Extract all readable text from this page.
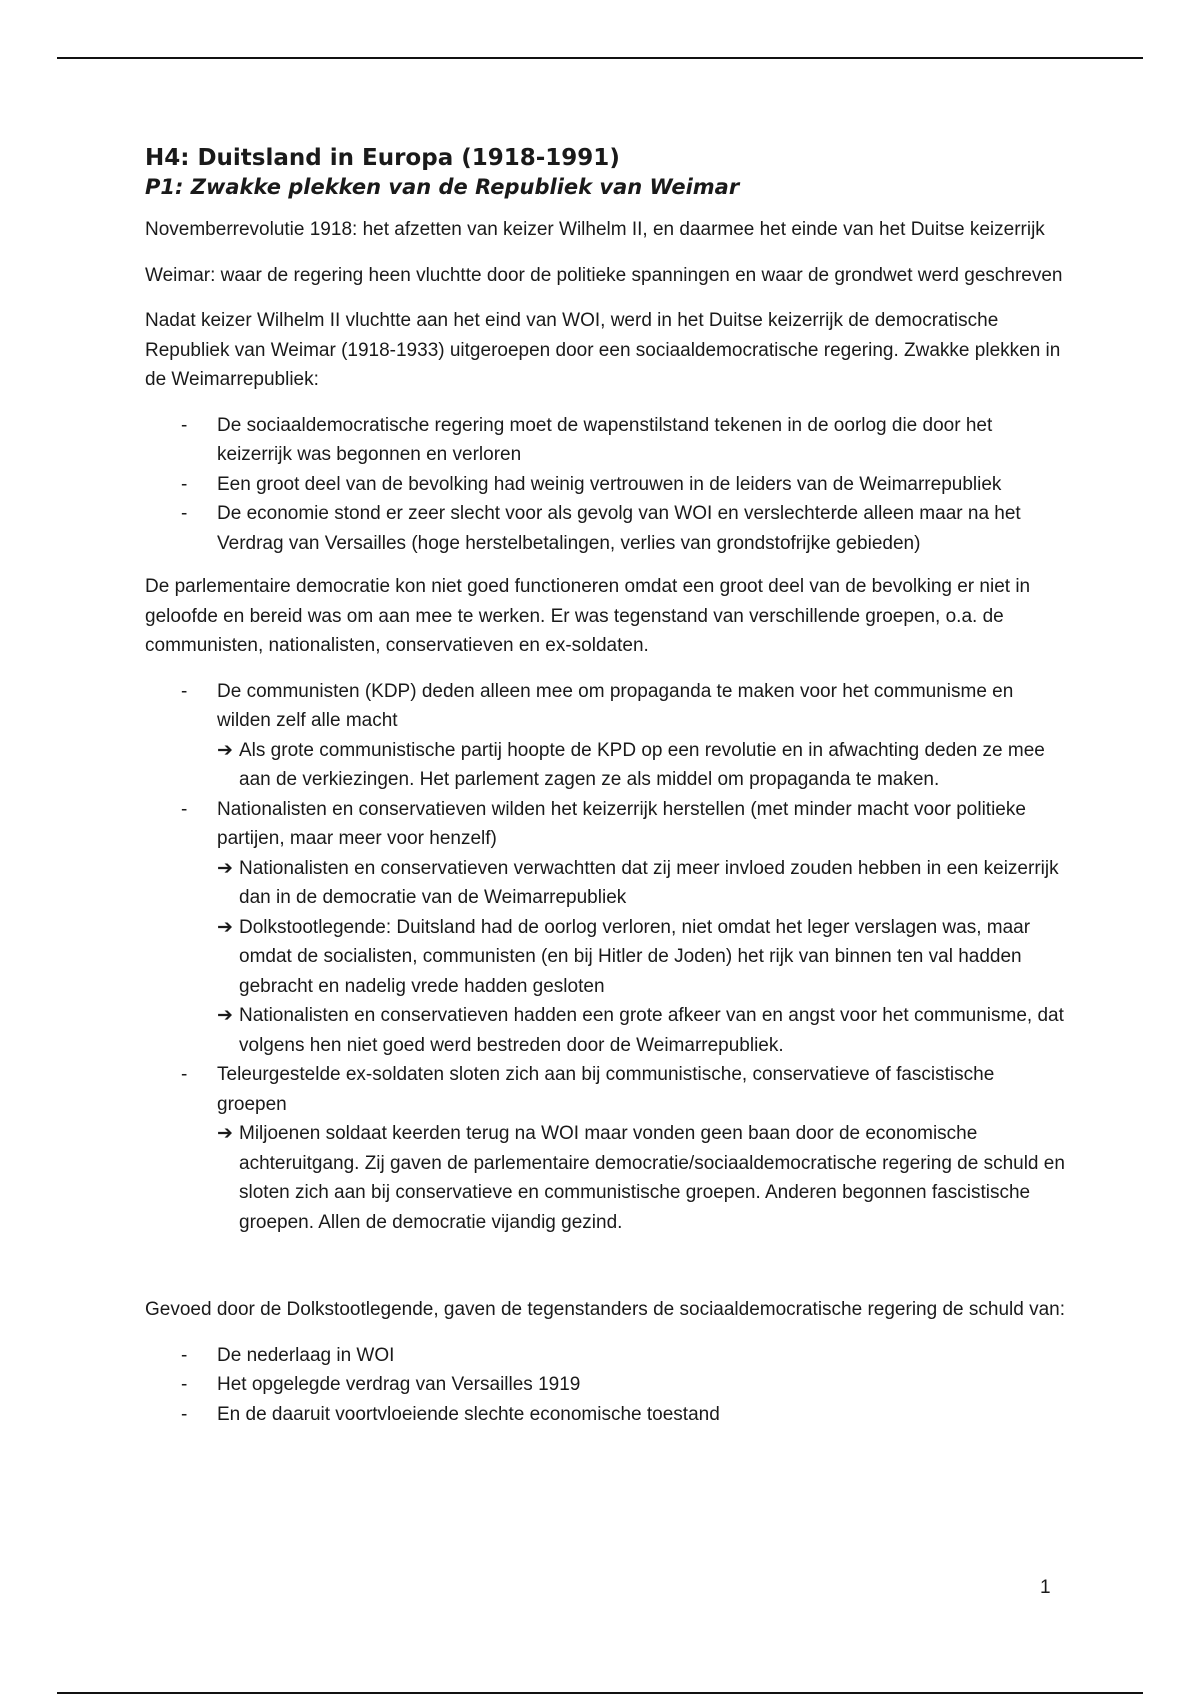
H4: Duitsland in Europa (1918-1991)
P1: Zwakke plekken van de Republiek van Weimar

Novemberrevolutie 1918: het afzetten van keizer Wilhelm II, en daarmee het einde van het Duitse keizerrijk

Weimar: waar de regering heen vluchtte door de politieke spanningen en waar de grondwet werd geschreven

Nadat keizer Wilhelm II vluchtte aan het eind van WOI, werd in het Duitse keizerrijk de democratische Republiek van Weimar (1918-1933) uitgeroepen door een sociaaldemocratische regering. Zwakke plekken in de Weimarrepubliek:

- De sociaaldemocratische regering moet de wapenstilstand tekenen in de oorlog die door het keizerrijk was begonnen en verloren
- Een groot deel van de bevolking had weinig vertrouwen in de leiders van de Weimarrepubliek
- De economie stond er zeer slecht voor als gevolg van WOI en verslechterde alleen maar na het Verdrag van Versailles (hoge herstelbetalingen, verlies van grondstofrijke gebieden)

De parlementaire democratie kon niet goed functioneren omdat een groot deel van de bevolking er niet in geloofde en bereid was om aan mee te werken. Er was tegenstand van verschillende groepen, o.a. de communisten, nationalisten, conservatieven en ex-soldaten.

- De communisten (KDP) deden alleen mee om propaganda te maken voor het communisme en wilden zelf alle macht
➔ Als grote communistische partij hoopte de KPD op een revolutie en in afwachting deden ze mee aan de verkiezingen. Het parlement zagen ze als middel om propaganda te maken.
- Nationalisten en conservatieven wilden het keizerrijk herstellen (met minder macht voor politieke partijen, maar meer voor henzelf)
➔ Nationalisten en conservatieven verwachtten dat zij meer invloed zouden hebben in een keizerrijk dan in de democratie van de Weimarrepubliek
➔ Dolkstootlegende: Duitsland had de oorlog verloren, niet omdat het leger verslagen was, maar omdat de socialisten, communisten (en bij Hitler de Joden) het rijk van binnen ten val hadden gebracht en nadelig vrede hadden gesloten
➔ Nationalisten en conservatieven hadden een grote afkeer van en angst voor het communisme, dat volgens hen niet goed werd bestreden door de Weimarrepubliek.
- Teleurgestelde ex-soldaten sloten zich aan bij communistische, conservatieve of fascistische groepen
➔ Miljoenen soldaat keerden terug na WOI maar vonden geen baan door de economische achteruitgang. Zij gaven de parlementaire democratie/sociaaldemocratische regering de schuld en sloten zich aan bij conservatieve en communistische groepen. Anderen begonnen fascistische groepen. Allen de democratie vijandig gezind.

Gevoed door de Dolkstootlegende, gaven de tegenstanders de sociaaldemocratische regering de schuld van:

- De nederlaag in WOI
- Het opgelegde verdrag van Versailles 1919
- En de daaruit voortvloeiende slechte economische toestand
1
